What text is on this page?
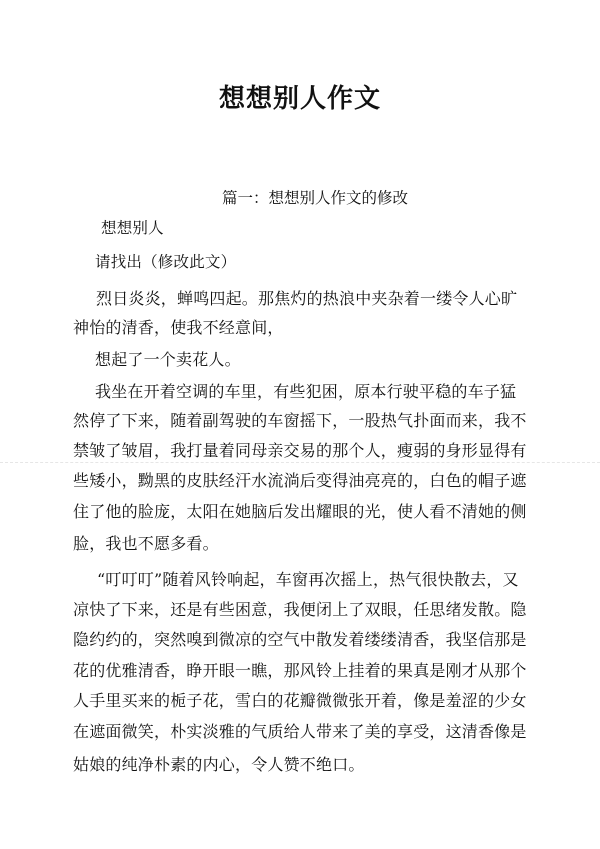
想想别人作文
篇一：想想别人作文的修改
想想别人
请找出（修改此文）
烈日炎炎，蝉鸣四起。那焦灼的热浪中夹杂着一缕令人心旷
神怡的清香，使我不经意间，
想起了一个卖花人。
我坐在开着空调的车里，有些犯困，原本行驶平稳的车子猛
然停了下来，随着副驾驶的车窗摇下，一股热气扑面而来，我不
禁皱了皱眉，我打量着同母亲交易的那个人，瘦弱的身形显得有
些矮小，黝黑的皮肤经汗水流淌后变得油亮亮的，白色的帽子遮
住了他的脸庞，太阳在她脑后发出耀眼的光，使人看不清她的侧
脸，我也不愿多看。
“叮叮叮”随着风铃响起，车窗再次摇上，热气很快散去，又
凉快了下来，还是有些困意，我便闭上了双眼，任思绪发散。隐
隐约约的，突然嗅到微凉的空气中散发着缕缕清香，我坚信那是
花的优雅清香，睁开眼一瞧，那风铃上挂着的果真是刚才从那个
人手里买来的栀子花，雪白的花瓣微微张开着，像是羞涩的少女
在遮面微笑，朴实淡雅的气质给人带来了美的享受，这清香像是
姑娘的纯净朴素的内心，令人赞不绝口。
